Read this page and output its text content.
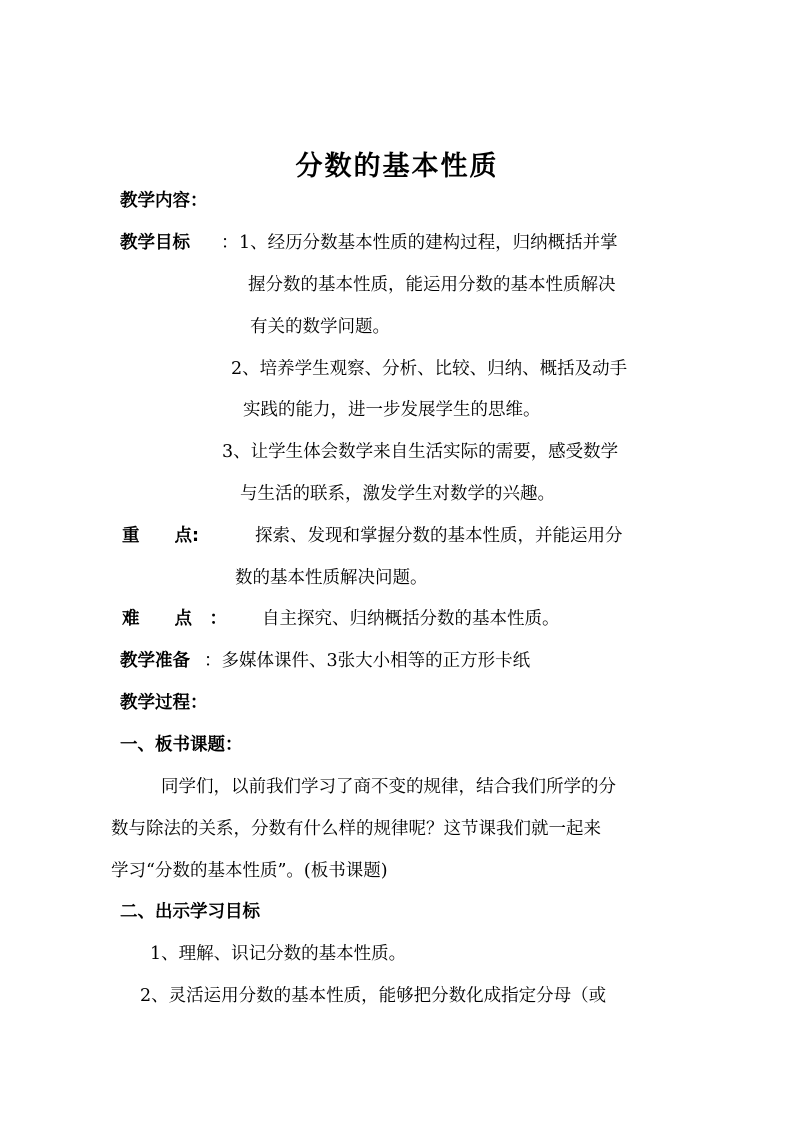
分数的基本性质
教学内容：
教学目标 ： 1、经历分数基本性质的建构过程，归纳概括并掌
握分数的基本性质，能运用分数的基本性质解决
有关的数学问题。
2、培养学生观察、分析、比较、归纳、概括及动手
实践的能力，进一步发展学生的思维。
3、让学生体会数学来自生活实际的需要，感受数学
与生活的联系，激发学生对数学的兴趣。
重　　点:	探索、发现和掌握分数的基本性质，并能运用分
数的基本性质解决问题。
难　　点　： 自主探究、归纳概括分数的基本性质。
教学准备 ：多媒体课件、3张大小相等的正方形卡纸
教学过程：
一、板书课题：
同学们，以前我们学习了商不变的规律，结合我们所学的分
数与除法的关系，分数有什么样的规律呢？这节课我们就一起来
学习“分数的基本性质”。(板书课题)
二、出示学习目标
1、理解、识记分数的基本性质。
2、灵活运用分数的基本性质，能够把分数化成指定分母（或
